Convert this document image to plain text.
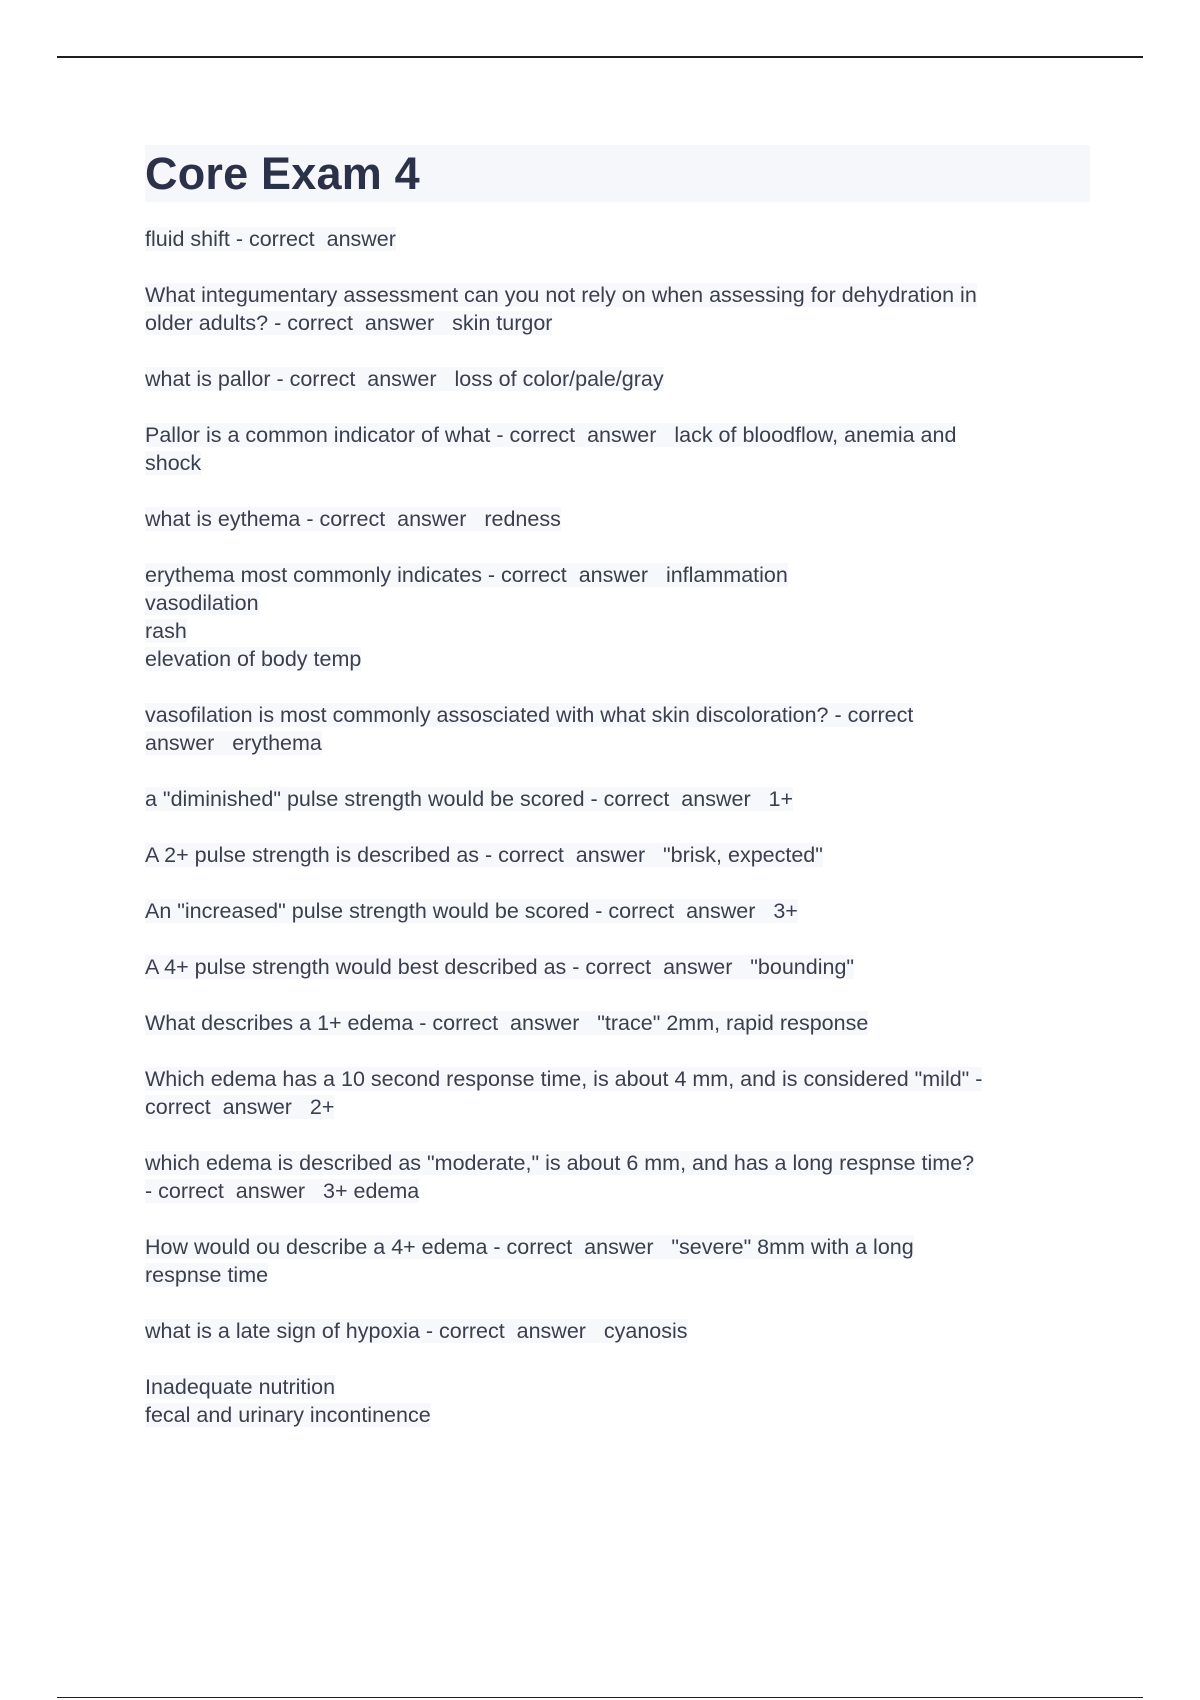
Core Exam 4
fluid shift - correct  answer
What integumentary assessment can you not rely on when assessing for dehydration in
older adults? - correct  answer   skin turgor
what is pallor - correct  answer   loss of color/pale/gray
Pallor is a common indicator of what - correct  answer   lack of bloodflow, anemia and
shock
what is eythema - correct  answer   redness
erythema most commonly indicates - correct  answer   inflammation
vasodilation
rash
elevation of body temp
vasofilation is most commonly assosciated with what skin discoloration? - correct
answer   erythema
a "diminished" pulse strength would be scored - correct  answer   1+
A 2+ pulse strength is described as - correct  answer   "brisk, expected"
An "increased" pulse strength would be scored - correct  answer   3+
A 4+ pulse strength would best described as - correct  answer   "bounding"
What describes a 1+ edema - correct  answer   "trace" 2mm, rapid response
Which edema has a 10 second response time, is about 4 mm, and is considered "mild" -
correct  answer   2+
which edema is described as "moderate," is about 6 mm, and has a long respnse time?
- correct  answer   3+ edema
How would ou describe a 4+ edema - correct  answer   "severe" 8mm with a long
respnse time
what is a late sign of hypoxia - correct  answer   cyanosis
Inadequate nutrition
fecal and urinary incontinence
